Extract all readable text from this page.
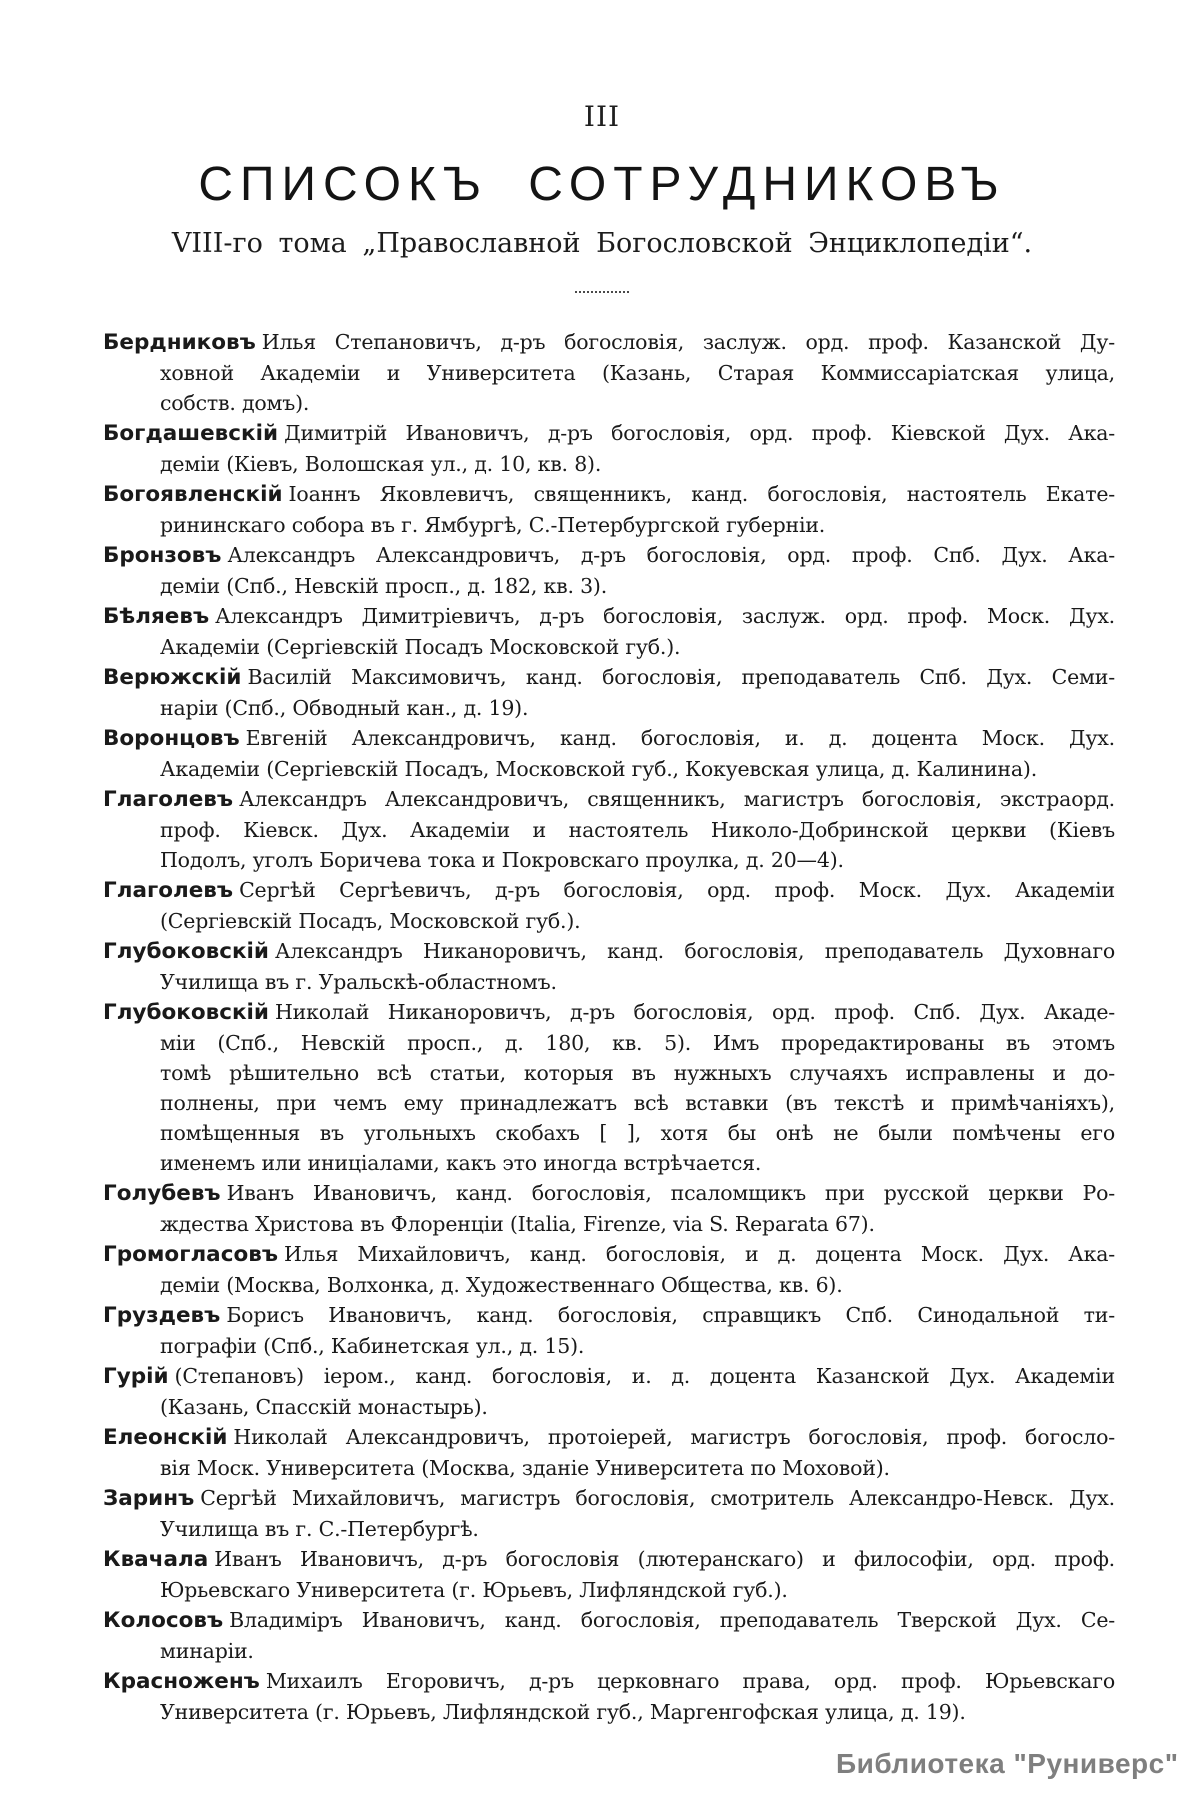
III
СПИСОКЪ СОТРУДНИКОВЪ
VIII-го тома „Православной Богословской Энциклопедіи“.
Бердниковъ Илья Степановичъ, д-ръ богословія, заслуж. орд. проф. Казанской Ду-
ховной Академіи и Университета (Казань, Старая Коммиссаріатская улица,
собств. домъ).
Богдашевскій Димитрій Ивановичъ, д-ръ богословія, орд. проф. Кіевской Дух. Ака-
деміи (Кіевъ, Волошская ул., д. 10, кв. 8).
Богоявленскій Іоаннъ Яковлевичъ, священникъ, канд. богословія, настоятель Екате-
рининскаго собора въ г. Ямбургѣ, С.-Петербургской губерніи.
Бронзовъ Александръ Александровичъ, д-ръ богословія, орд. проф. Спб. Дух. Ака-
деміи (Спб., Невскій просп., д. 182, кв. 3).
Бѣляевъ Александръ Димитріевичъ, д-ръ богословія, заслуж. орд. проф. Моск. Дух.
Академіи (Сергіевскій Посадъ Московской губ.).
Верюжскій Василій Максимовичъ, канд. богословія, преподаватель Спб. Дух. Семи-
наріи (Спб., Обводный кан., д. 19).
Воронцовъ Евгеній Александровичъ, канд. богословія, и. д. доцента Моск. Дух.
Академіи (Сергіевскій Посадъ, Московской губ., Кокуевская улица, д. Калинина).
Глаголевъ Александръ Александровичъ, священникъ, магистръ богословія, экстраорд.
проф. Кіевск. Дух. Академіи и настоятель Николо-Добринской церкви (Кіевъ
Подолъ, уголъ Боричева тока и Покровскаго проулка, д. 20—4).
Глаголевъ Сергѣй Сергѣевичъ, д-ръ богословія, орд. проф. Моск. Дух. Академіи
(Сергіевскій Посадъ, Московской губ.).
Глубоковскій Александръ Никаноровичъ, канд. богословія, преподаватель Духовнаго
Училища въ г. Уральскѣ-областномъ.
Глубоковскій Николай Никаноровичъ, д-ръ богословія, орд. проф. Спб. Дух. Акаде-
міи (Спб., Невскій просп., д. 180, кв. 5). Имъ проредактированы въ этомъ
томѣ рѣшительно всѣ статьи, которыя въ нужныхъ случаяхъ исправлены и до-
полнены, при чемъ ему принадлежатъ всѣ вставки (въ текстѣ и примѣчаніяхъ),
помѣщенныя въ угольныхъ скобахъ [ ], хотя бы онѣ не были помѣчены его
именемъ или иниціалами, какъ это иногда встрѣчается.
Голубевъ Иванъ Ивановичъ, канд. богословія, псаломщикъ при русской церкви Ро-
ждества Христова въ Флоренціи (Italia, Firenze, via S. Reparata 67).
Громогласовъ Илья Михайловичъ, канд. богословія, и д. доцента Моск. Дух. Ака-
деміи (Москва, Волхонка, д. Художественнаго Общества, кв. 6).
Груздевъ Борисъ Ивановичъ, канд. богословія, справщикъ Спб. Синодальной ти-
пографіи (Спб., Кабинетская ул., д. 15).
Гурій (Степановъ) іером., канд. богословія, и. д. доцента Казанской Дух. Академіи
(Казань, Спасскій монастырь).
Елеонскій Николай Александровичъ, протоіерей, магистръ богословія, проф. богосло-
вія Моск. Университета (Москва, зданіе Университета по Моховой).
Заринъ Сергѣй Михайловичъ, магистръ богословія, смотритель Александро-Невск. Дух.
Училища въ г. С.-Петербургѣ.
Квачала Иванъ Ивановичъ, д-ръ богословія (лютеранскаго) и философіи, орд. проф.
Юрьевскаго Университета (г. Юрьевъ, Лифляндской губ.).
Колосовъ Владиміръ Ивановичъ, канд. богословія, преподаватель Тверской Дух. Се-
минаріи.
Красноженъ Михаилъ Егоровичъ, д-ръ церковнаго права, орд. проф. Юрьевскаго
Университета (г. Юрьевъ, Лифляндской губ., Маргенгофская улица, д. 19).
Библиотека "Руниверс"
